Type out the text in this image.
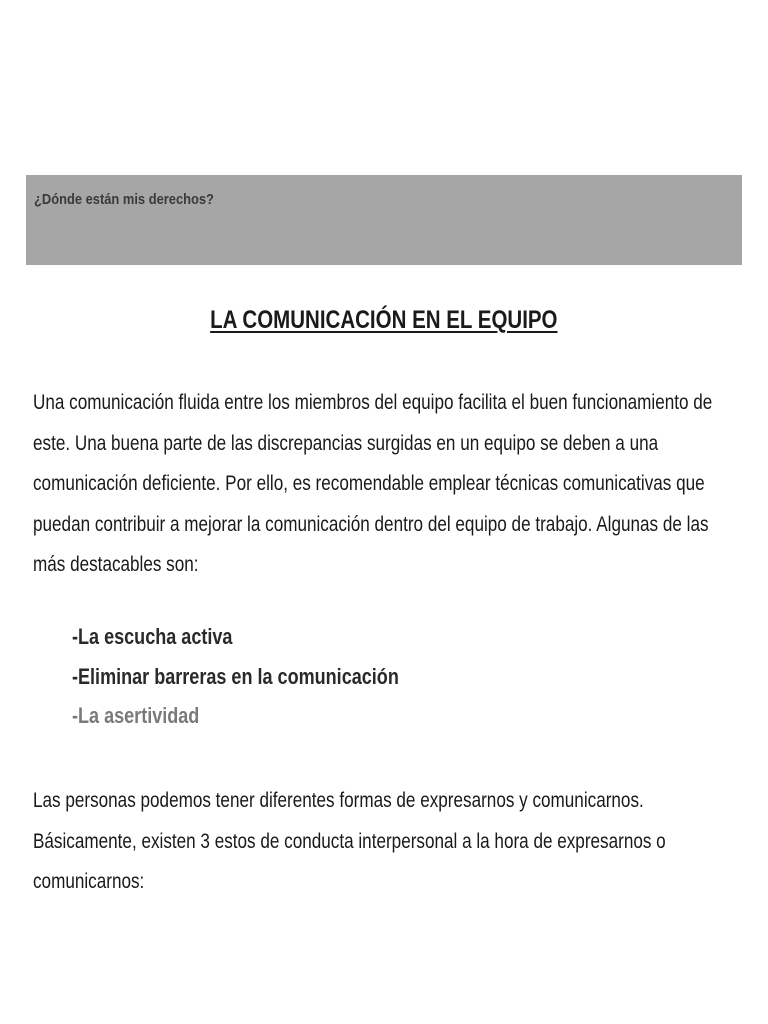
¿Dónde están mis derechos?
LA COMUNICACIÓN EN EL EQUIPO
Una comunicación fluida entre los miembros del equipo facilita el buen funcionamiento de
este. Una buena parte de las discrepancias surgidas en un equipo se deben a una
comunicación deficiente. Por ello, es recomendable emplear técnicas comunicativas que
puedan contribuir a mejorar la comunicación dentro del equipo de trabajo. Algunas de las
más destacables son:
-La escucha activa
-Eliminar barreras en la comunicación
-La asertividad
Las personas podemos tener diferentes formas de expresarnos y comunicarnos.
Básicamente, existen 3 estos de conducta interpersonal a la hora de expresarnos o
comunicarnos:
